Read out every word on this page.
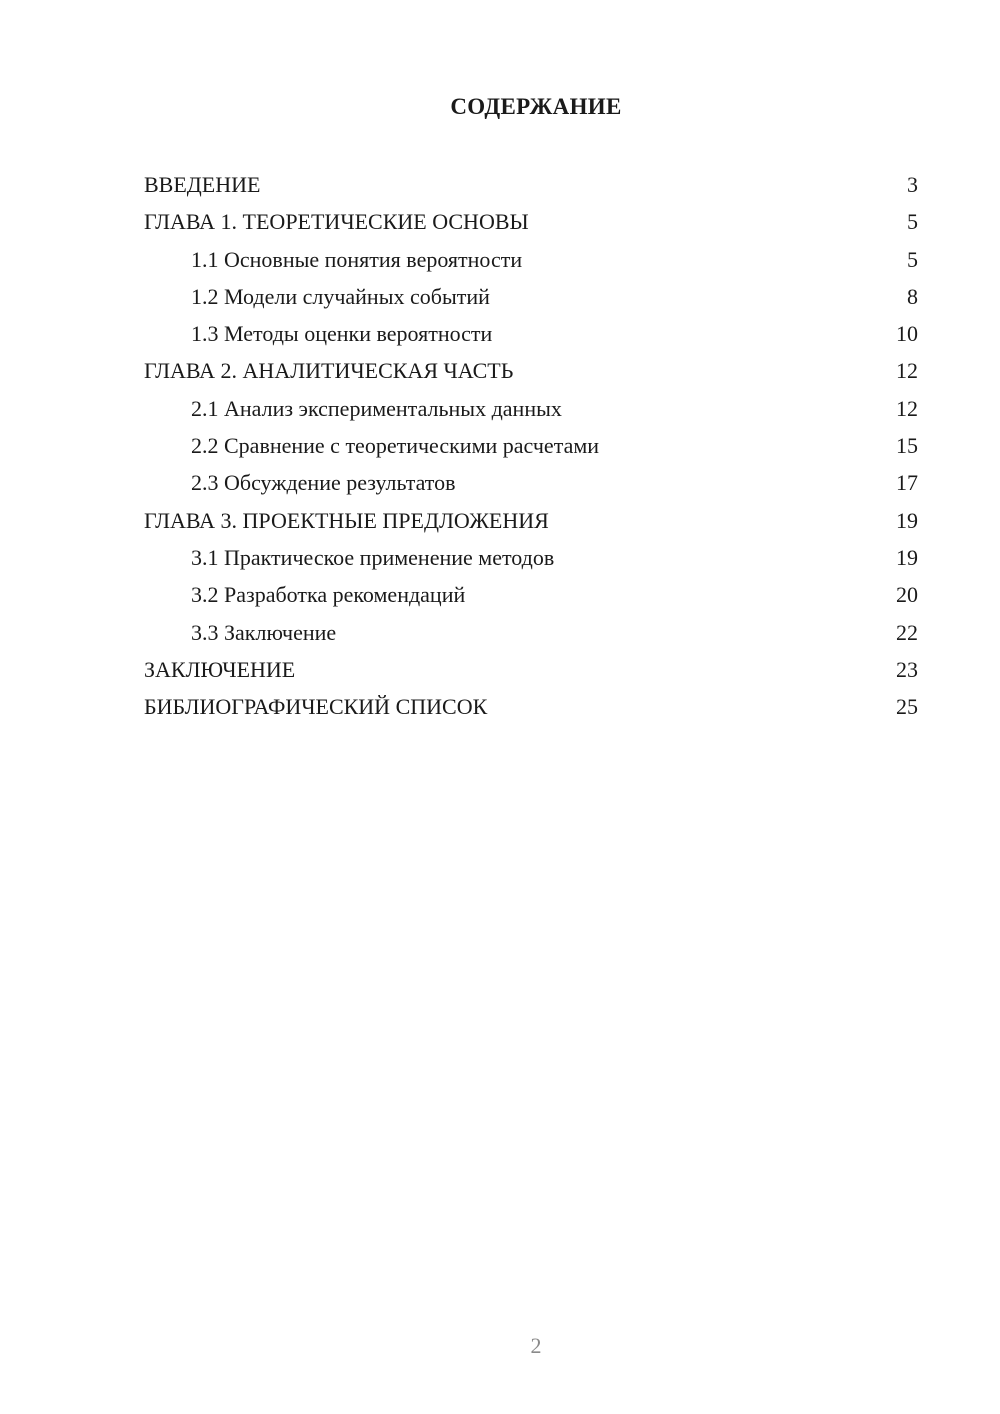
СОДЕРЖАНИЕ
ВВЕДЕНИЕ	3
ГЛАВА 1. ТЕОРЕТИЧЕСКИЕ ОСНОВЫ	5
1.1 Основные понятия вероятности	5
1.2 Модели случайных событий	8
1.3 Методы оценки вероятности	10
ГЛАВА 2. АНАЛИТИЧЕСКАЯ ЧАСТЬ	12
2.1 Анализ экспериментальных данных	12
2.2 Сравнение с теоретическими расчетами	15
2.3 Обсуждение результатов	17
ГЛАВА 3. ПРОЕКТНЫЕ ПРЕДЛОЖЕНИЯ	19
3.1 Практическое применение методов	19
3.2 Разработка рекомендаций	20
3.3 Заключение	22
ЗАКЛЮЧЕНИЕ	23
БИБЛИОГРАФИЧЕСКИЙ СПИСОК	25
2
